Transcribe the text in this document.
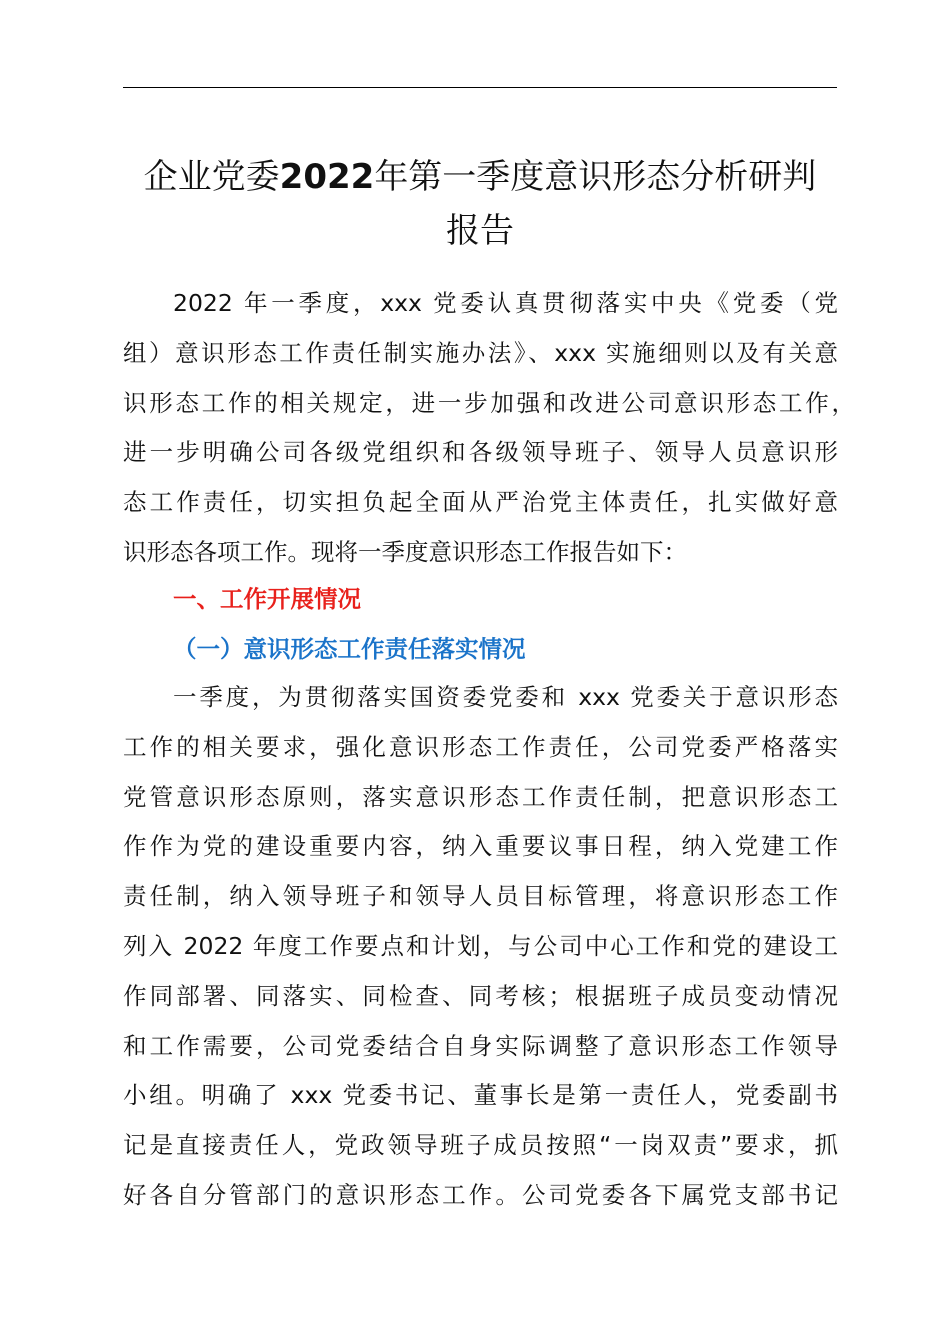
企业党委2022年第一季度意识形态分析研判
报告
2022 年一季度，xxx 党委认真贯彻落实中央《党委（党
组）意识形态工作责任制实施办法》、xxx 实施细则以及有关意
识形态工作的相关规定，进一步加强和改进公司意识形态工作，
进一步明确公司各级党组织和各级领导班子、领导人员意识形
态工作责任，切实担负起全面从严治党主体责任，扎实做好意
识形态各项工作。现将一季度意识形态工作报告如下：
一、工作开展情况
（一）意识形态工作责任落实情况
一季度，为贯彻落实国资委党委和 xxx 党委关于意识形态
工作的相关要求，强化意识形态工作责任，公司党委严格落实
党管意识形态原则，落实意识形态工作责任制，把意识形态工
作作为党的建设重要内容，纳入重要议事日程，纳入党建工作
责任制，纳入领导班子和领导人员目标管理，将意识形态工作
列入 2022 年度工作要点和计划，与公司中心工作和党的建设工
作同部署、同落实、同检查、同考核；根据班子成员变动情况
和工作需要，公司党委结合自身实际调整了意识形态工作领导
小组。明确了 xxx 党委书记、董事长是第一责任人，党委副书
记是直接责任人，党政领导班子成员按照“一岗双责”要求，抓
好各自分管部门的意识形态工作。公司党委各下属党支部书记
